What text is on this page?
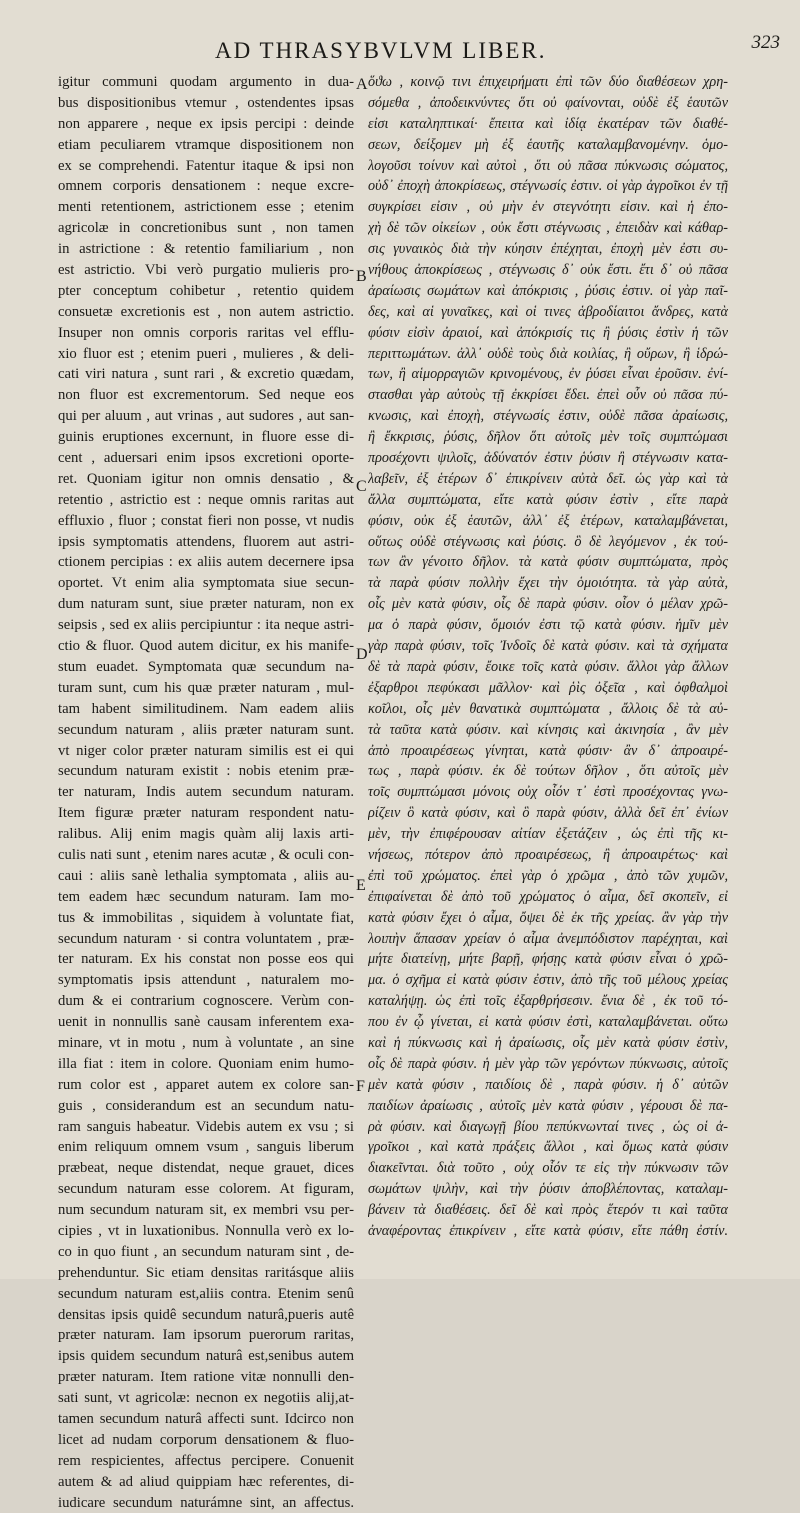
AD THRASYBVLVM LIBER.	323
igitur communi quodam argumento in dua-
bus dispositionibus vtemur , ostendentes ipsas
non apparere , neque ex ipsis percipi : deinde
etiam peculiarem vtramque dispositionem non
ex se comprehendi. Fatentur itaque & ipsi non
omnem corporis densationem : neque excre-
menti retentionem, astrictionem esse ; etenim
agricolæ in concretionibus sunt , non tamen
in astrictione : & retentio familiarium , non
est astrictio. Vbi verò purgatio mulieris pro-
pter conceptum cohibetur , retentio quidem
consuetæ excretionis est , non autem astrictio.
Insuper non omnis corporis raritas vel efflu-
xio fluor est ; etenim pueri , mulieres , & deli-
cati viri natura , sunt rari , & excretio quædam,
non fluor est excrementorum. Sed neque eos
qui per aluum , aut vrinas , aut sudores , aut san-
guinis eruptiones excernunt, in fluore esse di-
cent , aduersari enim ipsos excretioni oporte-
ret. Quoniam igitur non omnis densatio , &
retentio , astrictio est : neque omnis raritas aut
effluxio , fluor ; constat fieri non posse, vt nudis
ipsis symptomatis attendens, fluorem aut astri-
ctionem percipias : ex aliis autem decernere ipsa
oportet. Vt enim alia symptomata siue secun-
dum naturam sunt, siue præter naturam, non ex
seipsis , sed ex aliis percipiuntur : ita neque astri-
ctio & fluor. Quod autem dicitur, ex his manife-
stum euadet. Symptomata quæ secundum na-
turam sunt, cum his quæ præter naturam , mul-
tam habent similitudinem. Nam eadem aliis
secundum naturam , aliis præter naturam sunt.
vt niger color præter naturam similis est ei qui
secundum naturam existit : nobis etenim præ-
ter naturam, Indis autem secundum naturam.
Item figuræ præter naturam respondent natu-
ralibus. Alij enim magis quàm alij laxis arti-
culis nati sunt , etenim nares acutæ , & oculi con-
caui : aliis sanè lethalia symptomata , aliis au-
tem eadem hæc secundum naturam. Iam mo-
tus & immobilitas , siquidem à voluntate fiat,
secundum naturam · si contra voluntatem , præ-
ter naturam. Ex his constat non posse eos qui
symptomatis ipsis attendunt , naturalem mo-
dum & ei contrarium cognoscere. Verùm con-
uenit in nonnullis sanè causam inferentem exa-
minare, vt in motu , num à voluntate , an sine
illa fiat : item in colore. Quoniam enim humo-
rum color est , apparet autem ex colore san-
guis , considerandum est an secundum natu-
ram sanguis habeatur. Videbis autem ex vsu ; si
enim reliquum omnem vsum , sanguis liberum
præbeat, neque distendat, neque grauet, dices
secundum naturam esse colorem. At figuram,
num secundum naturam sit, ex membri vsu per-
cipies , vt in luxationibus. Nonnulla verò ex lo-
co in quo fiunt , an secundum naturam sint , de-
prehenduntur. Sic etiam densitas raritásque aliis
secundum naturam est,aliis contra. Etenim senû
densitas ipsis quidê secundum naturâ,pueris autê
præter naturam. Iam ipsorum puerorum raritas,
ipsis quidem secundum naturâ est,senibus autem
præter naturam. Item ratione vitæ nonnulli den-
sati sunt, vt agricolæ: necnon ex negotiis alij,at-
tamen secundum naturâ affecti sunt. Idcirco non
licet ad nudam corporum densationem & fluo-
rem respicientes, affectus percipere. Conuenit
autem & ad aliud quippiam hæc referentes, di-
iudicare secundum naturámne sint, an affectus.
ὅϑω , κοινῷ τινι ἐπιχειρήματι ἐπὶ τῶν δύο διαθέσεων χρη-
σόμεθα , ἀποδεικνύντες ὅτι οὐ φαίνονται, οὐδὲ ἐξ ἑαυτῶν
εἰσι καταληπτικαί· ἔπειτα καὶ ἰδίᾳ ἑκατέραν τῶν διαθέ-
σεων, δείξομεν μὴ ἐξ ἑαυτῆς καταλαμβανομένην. ὁμο-
λογοῦσι τοίνυν καὶ αὐτοὶ , ὅτι οὐ πᾶσα πύκνωσις σώματος,
οὐδ᾽ ἐποχὴ ἀποκρίσεως, στέγνωσίς ἐστιν. οἱ γὰρ ἀγροῖκοι ἐν τῇ
συγκρίσει εἰσιν , οὐ μὴν ἐν στεγνότητι εἰσιν. καὶ ἡ ἐπο-
χὴ δὲ τῶν οἰκείων , οὐκ ἔστι στέγνωσις , ἐπειδὰν καὶ κάθαρ-
σις γυναικὸς διὰ τὴν κύησιν ἐπέχηται, ἐποχὴ μὲν ἐστι συ-
νήθους ἀποκρίσεως , στέγνωσις δ᾽ οὐκ ἔστι. ἔτι δ᾽ οὐ πᾶσα
ἀραίωσις σωμάτων καὶ ἀπόκρισις , ῥύσις ἐστιν. οἱ γὰρ παῖ-
δες, καὶ αἱ γυναῖκες, καὶ οἱ τινες ἁβροδίαιτοι ἄνδρες, κατὰ
φύσιν εἰσὶν ἀραιοί, καὶ ἀπόκρισίς τις ἢ ῥύσις ἐστὶν ἡ τῶν
περιττωμάτων. ἀλλ᾽ οὐδὲ τοὺς διὰ κοιλίας, ἢ οὔρων, ἢ ἱδρώ-
των, ἢ αἱμορραγιῶν κρινομένους, ἐν ῥύσει εἶναι ἐροῦσιν. ἐνί-
στασθαι γὰρ αὐτοὺς τῇ ἐκκρίσει ἔδει. ἐπεὶ οὖν οὐ πᾶσα πύ-
κνωσις, καὶ ἐποχὴ, στέγνωσίς ἐστιν, οὐδὲ πᾶσα ἀραίωσις,
ἢ ἔκκρισις, ῥύσις, δῆλον ὅτι αὐτοῖς μὲν τοῖς συμπτώμασι
προσέχοντι ψιλοῖς, ἀδύνατόν ἐστιν ῥύσιν ἢ στέγνωσιν κατα-
λαβεῖν, ἐξ ἑτέρων δ᾽ ἐπικρίνειν αὐτὰ δεῖ. ὡς γὰρ καὶ τὰ
ἄλλα συμπτώματα, εἴτε κατὰ φύσιν ἐστὶν , εἴτε παρὰ
φύσιν, οὐκ ἐξ ἑαυτῶν, ἀλλ᾽ ἐξ ἑτέρων, καταλαμβάνεται,
οὕτως οὐδὲ στέγνωσις καὶ ῥύσις. ὃ δὲ λεγόμενον , ἐκ τού-
των ἂν γένοιτο δῆλον. τὰ κατὰ φύσιν συμπτώματα, πρὸς
τὰ παρὰ φύσιν πολλὴν ἔχει τὴν ὁμοιότητα. τὰ γὰρ αὐτὰ,
οἷς μὲν κατὰ φύσιν, οἷς δὲ παρὰ φύσιν. οἷον ὁ μέλαν χρῶ-
μα ὁ παρὰ φύσιν, ὅμοιόν ἐστι τῷ κατὰ φύσιν. ἡμῖν μὲν
γὰρ παρὰ φύσιν, τοῖς Ἰνδοῖς δὲ κατὰ φύσιν. καὶ τὰ σχήματα
δὲ τὰ παρὰ φύσιν, ἔοικε τοῖς κατὰ φύσιν. ἄλλοι γὰρ ἄλλων
ἐξαρθροι πεφύκασι μᾶλλον· καὶ ῥὶς ὀξεῖα , καὶ ὀφθαλμοὶ
κοῖλοι, οἷς μὲν θανατικὰ συμπτώματα , ἄλλοις δὲ τὰ αὐ-
τὰ ταῦτα κατὰ φύσιν. καὶ κίνησις καὶ ἀκινησία , ἂν μὲν
ἀπὸ προαιρέσεως γίνηται, κατὰ φύσιν· ἂν δ᾽ ἀπροαιρέ-
τως , παρὰ φύσιν. ἐκ δὲ τούτων δῆλον , ὅτι αὐτοῖς μὲν
τοῖς συμπτώμασι μόνοις οὐχ οἷόν τ᾽ ἐστὶ προσέχοντας γνω-
ρίζειν ὃ κατὰ φύσιν, καὶ ὃ παρὰ φύσιν, ἀλλὰ δεῖ ἐπ᾽ ἐνίων
μὲν, τὴν ἐπιφέρουσαν αἰτίαν ἐξετάζειν , ὡς ἐπὶ τῆς κι-
νήσεως, πότερον ἀπὸ προαιρέσεως, ἢ ἀπροαιρέτως· καὶ
ἐπὶ τοῦ χρώματος. ἐπεὶ γὰρ ὁ χρῶμα , ἀπὸ τῶν χυμῶν,
ἐπιφαίνεται δὲ ἀπὸ τοῦ χρώματος ὁ αἷμα, δεῖ σκοπεῖν, εἰ
κατὰ φύσιν ἔχει ὁ αἷμα, ὄψει δὲ ἐκ τῆς χρείας. ἂν γὰρ τὴν
λοιπὴν ἅπασαν χρείαν ὁ αἷμα ἀνεμπόδιστον παρέχηται, καὶ
μήτε διατείνῃ, μήτε βαρῇ, φήσῃς κατὰ φύσιν εἶναι ὁ χρῶ-
μα. ὁ σχῆμα εἰ κατὰ φύσιν ἐστιν, ἀπὸ τῆς τοῦ μέλους χρείας
καταλήψῃ. ὡς ἐπὶ τοῖς ἐξαρθρήσεσιν. ἔνια δὲ , ἐκ τοῦ τό-
που ἐν ᾧ γίνεται, εἰ κατὰ φύσιν ἐστὶ, καταλαμβάνεται. οὕτω
καὶ ἡ πύκνωσις καὶ ἡ ἀραίωσις, οἷς μὲν κατὰ φύσιν ἐστὶν,
οἷς δὲ παρὰ φύσιν. ἡ μὲν γὰρ τῶν γερόντων πύκνωσις, αὐτοῖς
μὲν κατὰ φύσιν , παιδίοις δὲ , παρὰ φύσιν. ἡ δ᾽ αὐτῶν
παιδίων ἀραίωσις , αὐτοῖς μὲν κατὰ φύσιν , γέρουσι δὲ πα-
ρὰ φύσιν. καὶ διαγωγῇ βίου πεπύκνωνταί τινες , ὡς οἱ ἀ-
γροῖκοι , καὶ κατὰ πράξεις ἄλλοι , καὶ ὅμως κατὰ φύσιν
διακεῖνται. διὰ τοῦτο , οὐχ οἷόν τε εἰς τὴν πύκνωσιν τῶν
σωμάτων ψιλὴν, καὶ τὴν ῥύσιν ἀποβλέποντας, καταλαμ-
βάνειν τὰ διαθέσεις. δεῖ δὲ καὶ πρὸς ἕτερόν τι καὶ ταῦτα
ἀναφέροντας ἐπικρίνειν , εἴτε κατὰ φύσιν, εἴτε πάθη ἐστίν.
A
B
C
D
E
F
